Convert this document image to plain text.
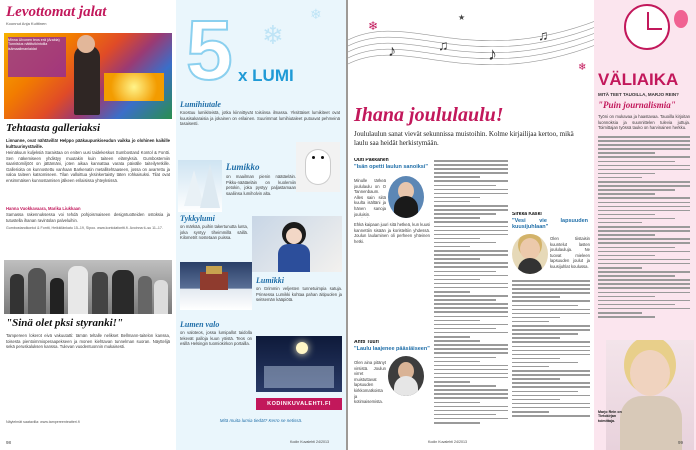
Levottomat jalat
Koonnut Anja Kuittinen
Minna Ulvonen teos erä (Arabia) Tunnistus nättitutkintoilla isämaailmanlaidat
Tehtaasta galleriaksi
Linnanne, ovat nähtävillä! Helppo pääkaupunkiseudun vaikka jo olohinen kaikille kulttuurinystäville.
Heinäkuun kuljeksiä Saraistaa on eniten uusi taidekeskus Sumbostand Kontol & Fontti. Sen näkemiseen yhdistyy muutakin kuin taiteen elämyksiä. Gumbostemiin saaristomiljööt on jättämäni, joten aikaa kannattaa varata päivälle taiteilyretkille. Gallerioita on kunnostettu vanhaan Barkenatin metallitehtaaseen, jossa on avarrettu ja valoa taiteen katsomiseen. Tilan valloittua yksinkertaisty täten rohkaisuksi. Tilat ovat ensimmäisen kunnostamisen jälkeen erilaisissa yhteyksissä.
Hanna Vuokkavaara, Marika Liukkaan
Samassa rakennuksessa voi tehdä pohjoismaiseen designtuotteiden ostoksia ja tutustella ihanan ravintolan palveluihin.
Gumbostandkontol & Fontti, Heikkilänkatu 15–19, Sipoo. www.kontolafontti.fi. Avoinna ti–su 11–17.
"Sinä olet pksi styranki!"
Tampereen lokerot eivä vakuutatti: tämän teltalle nelikset Bellmann-taitelon kanssa, toisesta pientoimmioperaapekseen ja monen kiehtavan tunnelman suoran. Näyttelijä sekä peruskaluksen kanssa. Tulevan vuodentuonnin mukaisesti.
Näytelmät saatavilla: www.tampereenteatteri.fi
98
5 ❄
❄
x LUMI
Lumihiutale
Koostuu lumikiteistä, jotka kiinnittyvät toisiinsa ilmassa. Yksittäiset lumikiteet ovat kuusisakaraisia ja jokainen on erilainen. Suurimmat lumihiutaleet putoavat pehmeinä tasaisesti.
Lumikko
on maailman pienin näätäeläin. Pikku-näätäeläin on kuolemiin petokin, joka pystyy paljastamaan saaliinsa lumiholvin alta.
Tykkylumi
on märkää, puihin takertunutta lunta, joka syntyy tiheimmillä säillä. Kilometrit nostetaan puissa.
Lumikki
on Grimmin veljesten tunnetuimpia satuja. Prinsessa Lumikki kohtaa pahan äitipuolen ja seitsemän kääpiötä.
Lumen valo
on valoteos, jossa lumipallot taidolla tekevät palloja kuun yöistä. Teos on esillä Helsingin tuomiokirkon portailla.
KODINKUVALEHTI.FI
Mitä muita lumia tiedät? Kerro se netissä.
Kodin Kuvalehti 24/2013
♪	♫ ♪
♫
❄
❄
★
Ihana joululaulu!
Joululaulun sanat vievät sekunnissa muistoihin. Kolme kirjailijaa kertoo, mikä laulu saa heidät herkistymään.
Outi Pakkanen
"Isän opetti laulun sanoiksi"
Minulle tärkeä joululaulu on O Tannenbaum. Alles sain siitä kuulta isältäni ja hänen sanoja jouluisin.
Ehkä kaipaan juuri sitä hetkeä, kun kuusi kannettiin sisään ja koristeltiin yhdessä. Joulun laulaminen oli perheen yhteinen hetki.
Antti Tuuri
"Laulu laajenee pääsiäiseen"
Olen aina pitänyt virsistä. Joulun virret muistuttavat lapsuuden kirkkomatkoista ja kotimaisemista.
Sirkka Kaski
"Vesi vie lapsuuden kuusijuhlaan"
Olen tiistaisin kuuntelut lasten joululauluja. Ne tuovat mieleen lapsuuden joulut ja kuusijuhlat koulussa.
Kodin Kuvalehti 24/2013
VÄLIAIKA
MITÄ TEET TAUOILLA, MARJO REIN?
"Puin journalismia"
Työni on mukavaa ja haastavaa. Tauoilla kirjoitan luonnoksia ja suunnittelen tulevia juttuja. Toimittajan työssä tauko on harvinainen herkku.
Marjo Rein on Tietokirjan toimittaja.
99
